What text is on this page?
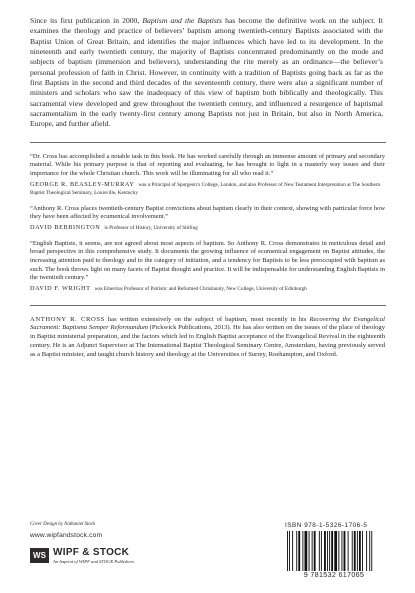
Since its first publication in 2000, Baptism and the Baptists has become the definitive work on the subject. It examines the theology and practice of believers’ baptism among twentieth-century Baptists associated with the Baptist Union of Great Britain, and identifies the major influences which have led to its development. In the nineteenth and early twentieth century, the majority of Baptists concentrated predominantly on the mode and subjects of baptism (immersion and believers), understanding the rite merely as an ordinance—the believer’s personal profession of faith in Christ. However, in continuity with a tradition of Baptists going back as far as the first Baptists in the second and third decades of the seventeenth century, there were also a significant number of ministers and scholars who saw the inadequacy of this view of baptism both biblically and theologically. This sacramental view developed and grew throughout the twentieth century, and influenced a resurgence of baptismal sacramentalism in the early twenty-first century among Baptists not just in Britain, but also in North America, Europe, and further afield.

“Dr. Cross has accomplished a notable task in this book. He has worked carefully through an immense amount of primary and secondary material. While his primary purpose is that of reporting and evaluating, he has brought to light in a masterly way issues and their importance for the whole Christian church. This work will be illuminating for all who read it.”

GEORGE R. BEASLEY-MURRAY was a Principal of Spurgeon’s College, London, and also Professor of New Testament Interpretation at The Southern Baptist Theological Seminary, Louisville, Kentucky

“Anthony R. Cross places twentieth-century Baptist convictions about baptism clearly in their context, showing with particular force how they have been affected by ecumenical involvement.”

DAVID BEBBINGTON is Professor of History, University of Stirling

“English Baptists, it seems, are not agreed about most aspects of baptism. So Anthony R. Cross demonstrates in meticulous detail and broad perspective in this comprehensive study. It documents the growing influence of ecumenical engagement on Baptist attitudes, the increasing attention paid to theology and to the category of initiation, and a tendency for Baptists to be less preoccupied with baptism as such. The book throws light on many facets of Baptist thought and practice. It will be indispensable for understanding English Baptists in the twentieth century.”

DAVID F. WRIGHT was Emeritus Professor of Patristic and Reformed Christianity, New College, University of Edinburgh

ANTHONY R. CROSS has written extensively on the subject of baptism, most recently in his Recovering the Evangelical Sacrament: Baptisma Semper Reformandum (Pickwick Publications, 2013). He has also written on the issues of the place of theology in Baptist ministerial preparation, and the factors which led to English Baptist acceptance of the Evangelical Revival in the eighteenth century. He is an Adjunct Supervisor at The International Baptist Theological Seminary Centre, Amsterdam, having previously served as a Baptist minister, and taught church history and theology at the Universities of Surrey, Roehampton, and Oxford.

Cover Design by Nathaniel Stock
www.wipfandstock.com
WS WIPF & STOCK
An Imprint of WIPF and STOCK Publishers
ISBN 978-1-5326-1706-5
9 781532 617065
